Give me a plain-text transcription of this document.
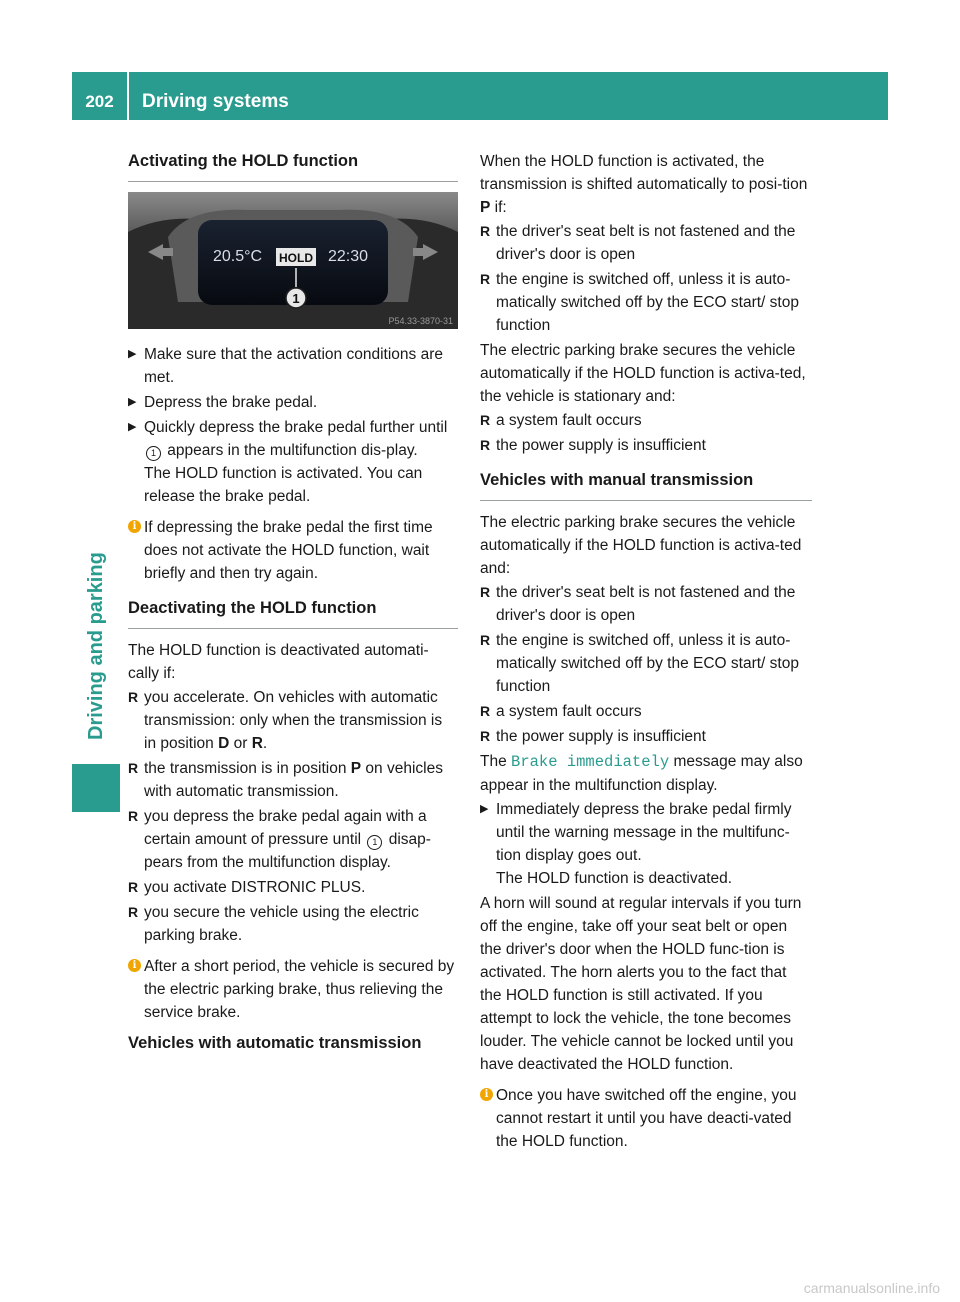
202	Driving systems
Driving and parking

Activating the HOLD function

20.5°C HOLD 22:30
1
P54.33-3870-31
▶ Make sure that the activation conditions are met.
▶ Depress the brake pedal.
▶ Quickly depress the brake pedal further until 1 appears in the multifunction dis-play.
The HOLD function is activated. You can release the brake pedal.
i If depressing the brake pedal the first time does not activate the HOLD function, wait briefly and then try again.

Deactivating the HOLD function

The HOLD function is deactivated automati-cally if:

R you accelerate. On vehicles with automatic transmission: only when the transmission is in position D or R.
R the transmission is in position P on vehicles with automatic transmission.
R you depress the brake pedal again with a certain amount of pressure until 1 disap-pears from the multifunction display.
R you activate DISTRONIC PLUS.
R you secure the vehicle using the electric parking brake.
i After a short period, the vehicle is secured by the electric parking brake, thus relieving the service brake.

Vehicles with automatic transmission

When the HOLD function is activated, the transmission is shifted automatically to posi-tion P if:

R the driver's seat belt is not fastened and the driver's door is open
R the engine is switched off, unless it is auto-matically switched off by the ECO start/ stop function

The electric parking brake secures the vehicle automatically if the HOLD function is activa-ted, the vehicle is stationary and:

R a system fault occurs
R the power supply is insufficient

Vehicles with manual transmission

The electric parking brake secures the vehicle automatically if the HOLD function is activa-ted and:

R the driver's seat belt is not fastened and the driver's door is open
R the engine is switched off, unless it is auto-matically switched off by the ECO start/ stop function
R a system fault occurs
R the power supply is insufficient

The Brake immediately message may also appear in the multifunction display.

▶ Immediately depress the brake pedal firmly until the warning message in the multifunc-tion display goes out.
The HOLD function is deactivated.

A horn will sound at regular intervals if you turn off the engine, take off your seat belt or open the driver's door when the HOLD func-tion is activated. The horn alerts you to the fact that the HOLD function is still activated. If you attempt to lock the vehicle, the tone becomes louder. The vehicle cannot be locked until you have deactivated the HOLD function.

i Once you have switched off the engine, you cannot restart it until you have deacti-vated the HOLD function.
carmanualsonline.info
